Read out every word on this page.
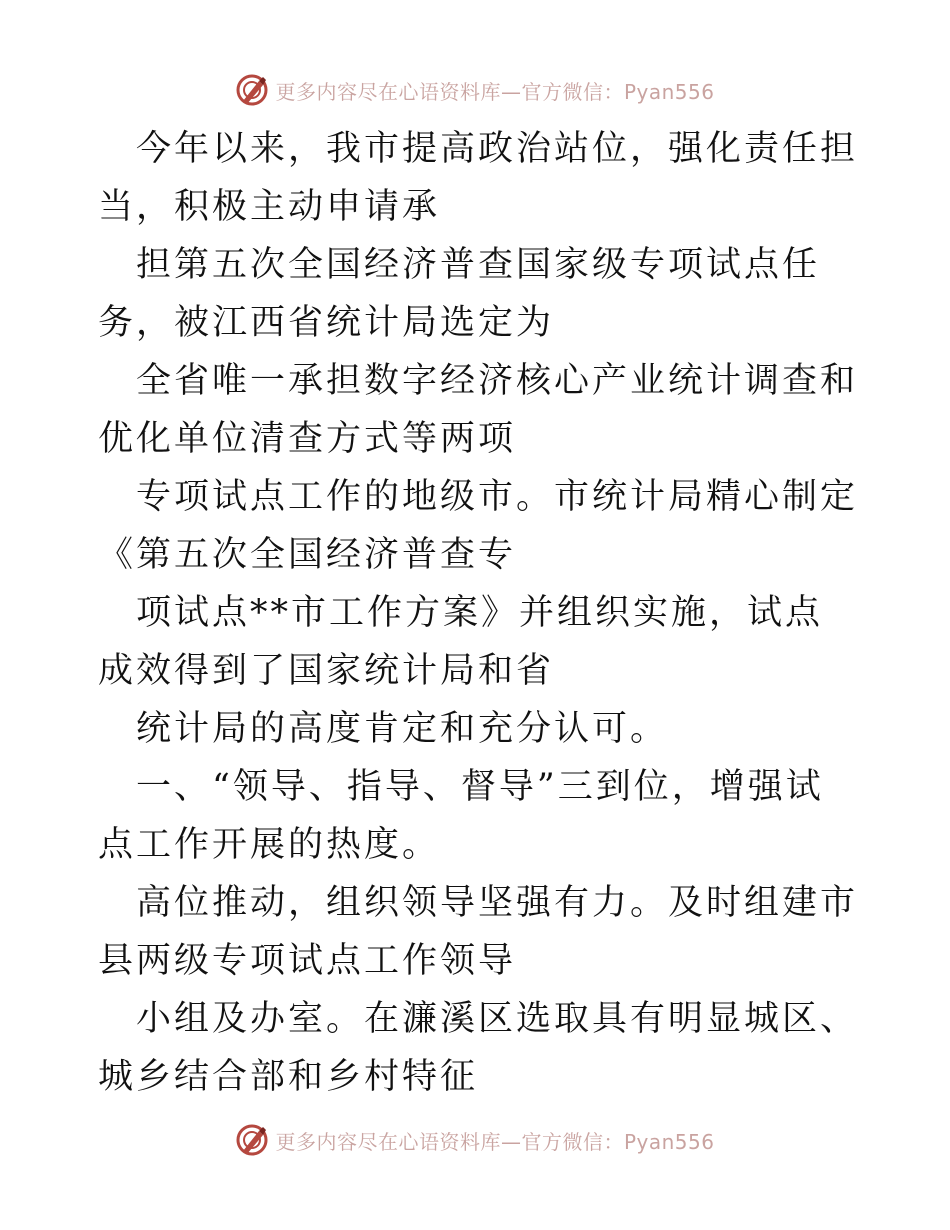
更多内容尽在心语资料库—官方微信：Pyan556

今年以来，我市提高政治站位，强化责任担当，积极主动申请承

担第五次全国经济普查国家级专项试点任务，被江西省统计局选定为

全省唯一承担数字经济核心产业统计调查和优化单位清查方式等两项

专项试点工作的地级市。市统计局精心制定《第五次全国经济普查专

项试点**市工作方案》并组织实施，试点成效得到了国家统计局和省

统计局的高度肯定和充分认可。

一、“领导、指导、督导”三到位，增强试点工作开展的热度。

高位推动，组织领导坚强有力。及时组建市县两级专项试点工作领导

小组及办室。在濂溪区选取具有明显城区、城乡结合部和乡村特征

更多内容尽在心语资料库—官方微信：Pyan556
